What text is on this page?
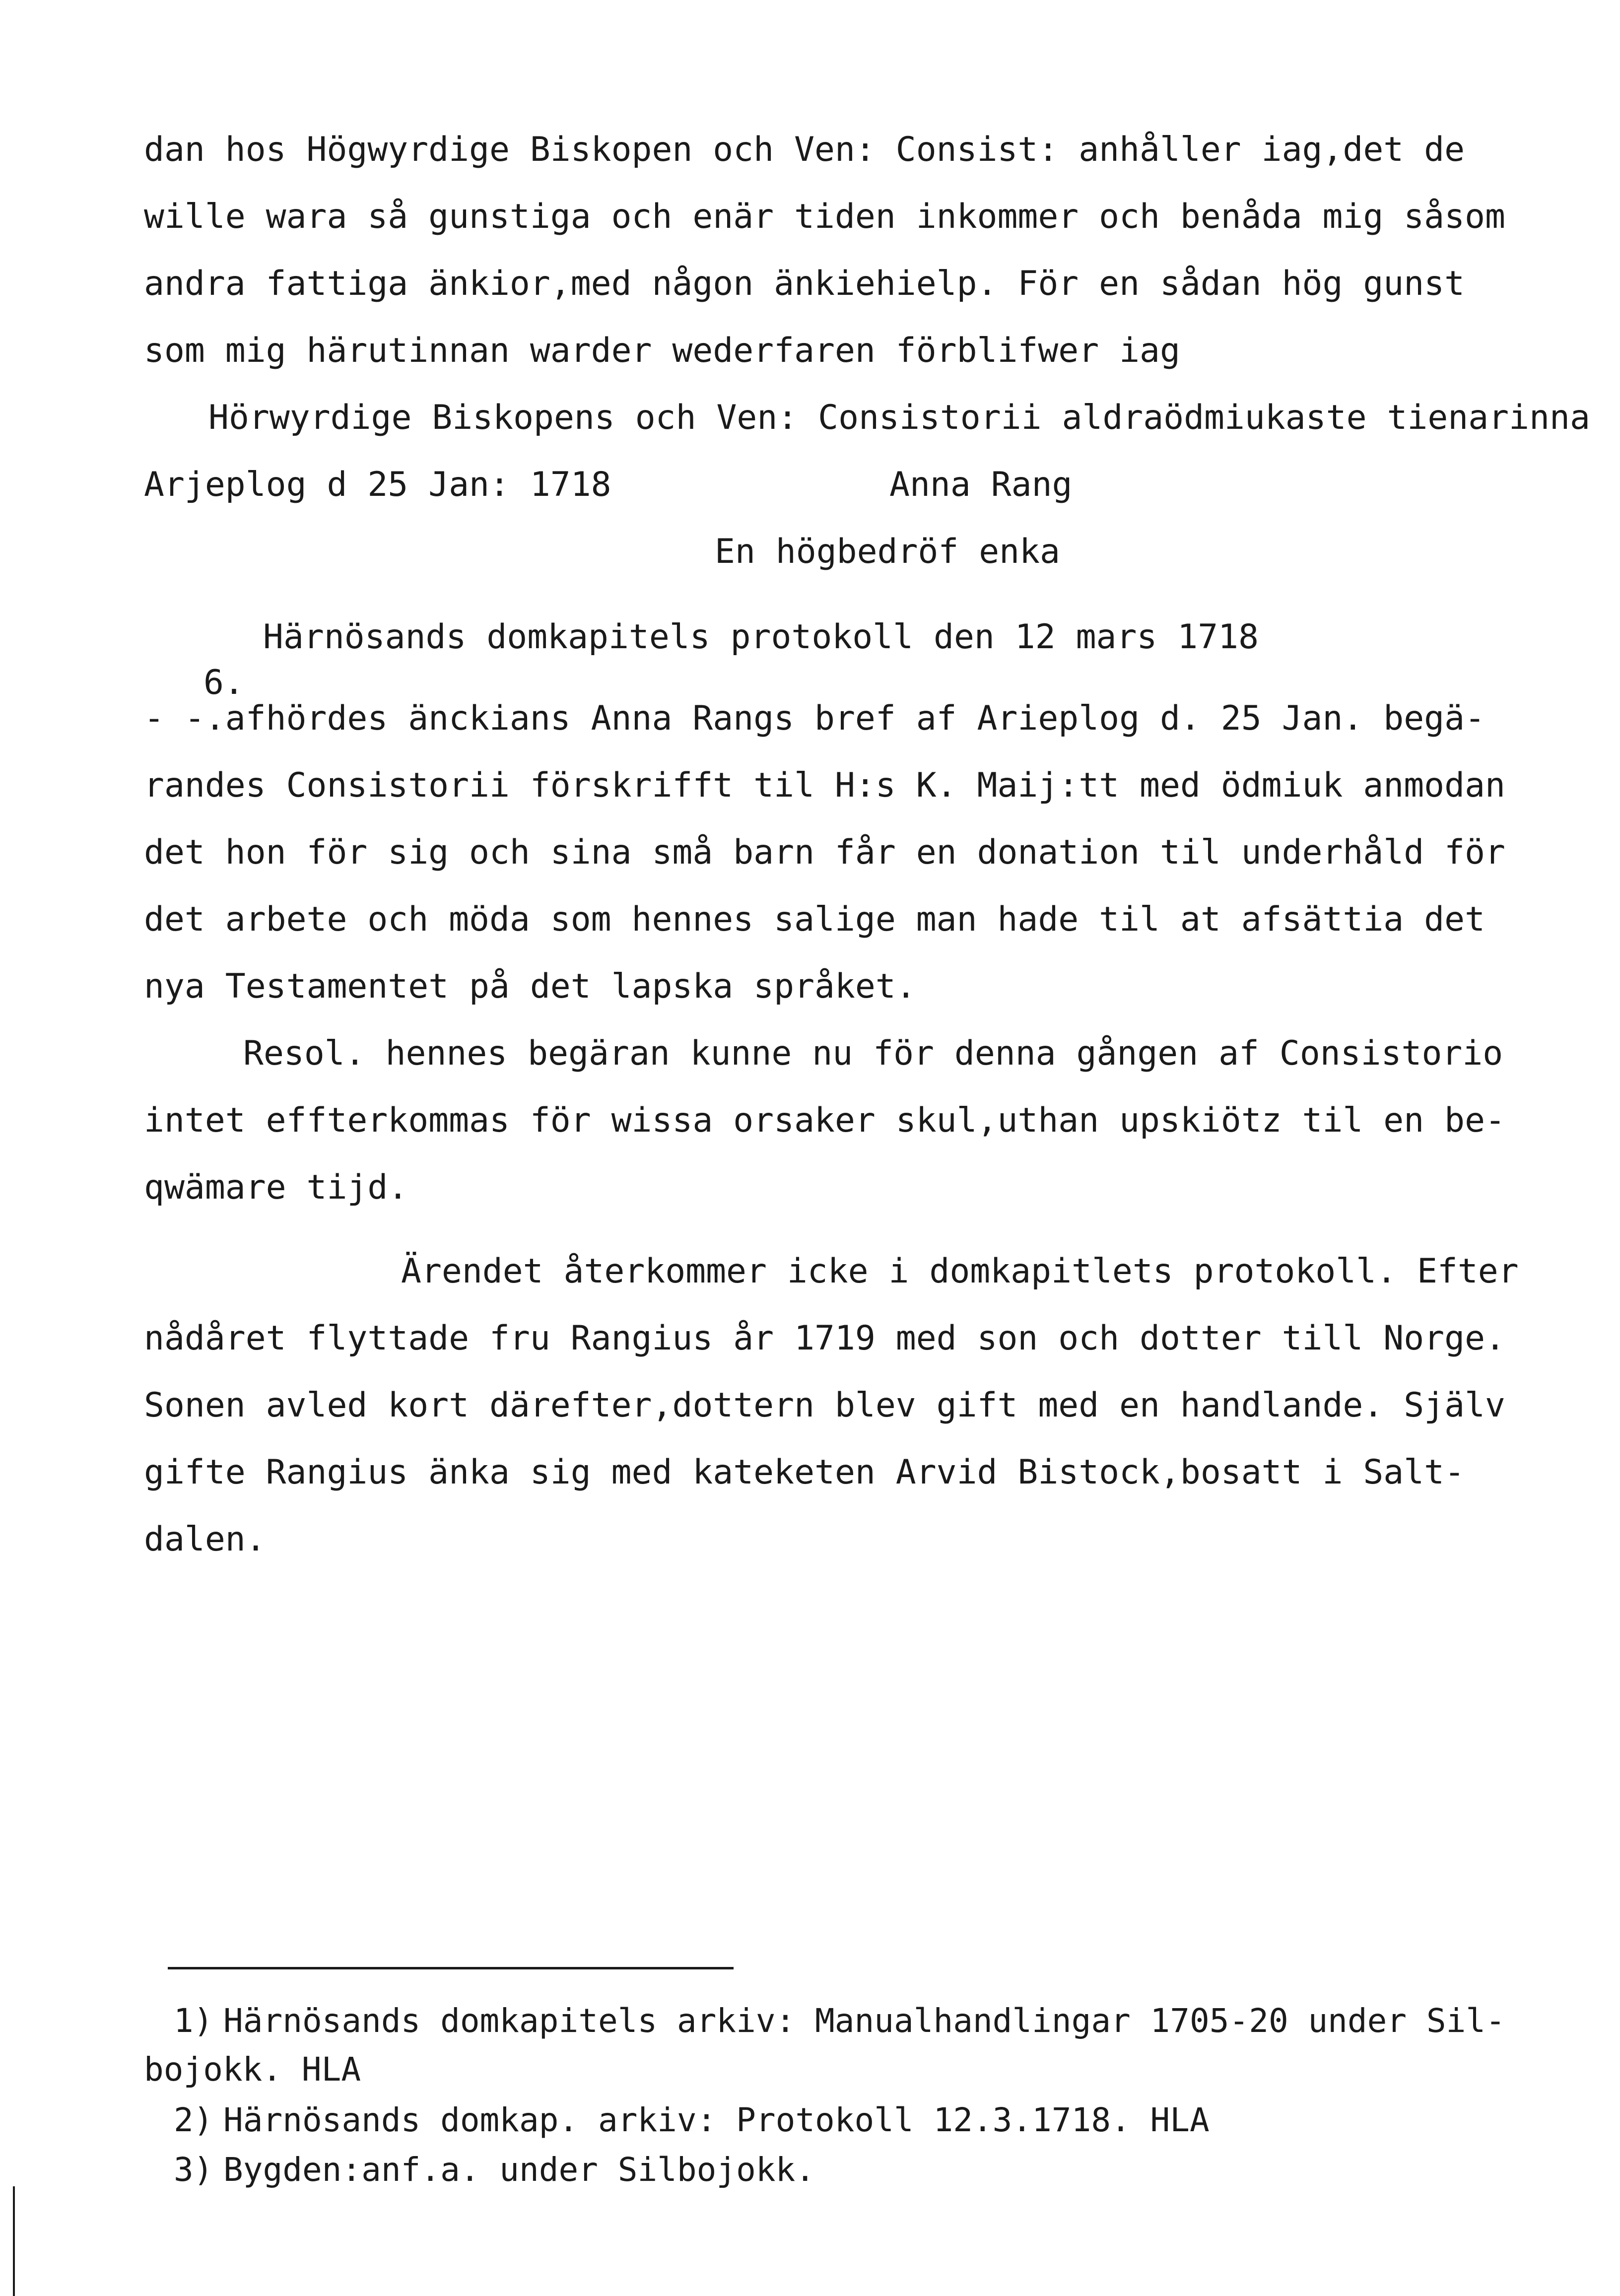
dan hos Högwyrdige Biskopen och Ven: Consist: anhåller iag,det de

wille wara så gunstiga och enär tiden inkommer och benåda mig såsom

andra fattiga änkior,med någon änkiehielp. För en sådan hög gunst

som mig härutinnan warder wederfaren förblifwer iag

Hörwyrdige Biskopens och Ven: Consistorii aldraödmiukaste tienarinna

Arjeplog d 25 Jan: 1718	Anna Rang

En högbedröf enka

Härnösands domkapitels protokoll den 12 mars 1718

6.

- -.afhördes änckians Anna Rangs bref af Arieplog d. 25 Jan. begä-

randes Consistorii förskrifft til H:s K. Maij:tt med ödmiuk anmodan

det hon för sig och sina små barn får en donation til underhåld för

det arbete och möda som hennes salige man hade til at afsättia det

nya Testamentet på det lapska språket.

Resol. hennes begäran kunne nu för denna gången af Consistorio

intet effterkommas för wissa orsaker skul,uthan upskiötz til en be-

qwämare tijd.

Ärendet återkommer icke i domkapitlets protokoll. Efter

nådåret flyttade fru Rangius år 1719 med son och dotter till Norge.

Sonen avled kort därefter,dottern blev gift med en handlande. Själv

gifte Rangius änka sig med kateketen Arvid Bistock,bosatt i Salt-

dalen.

1) Härnösands domkapitels arkiv: Manualhandlingar 1705-20 under Sil-

bojokk. HLA

2) Härnösands domkap. arkiv: Protokoll 12.3.1718. HLA

3) Bygden:anf.a. under Silbojokk.
